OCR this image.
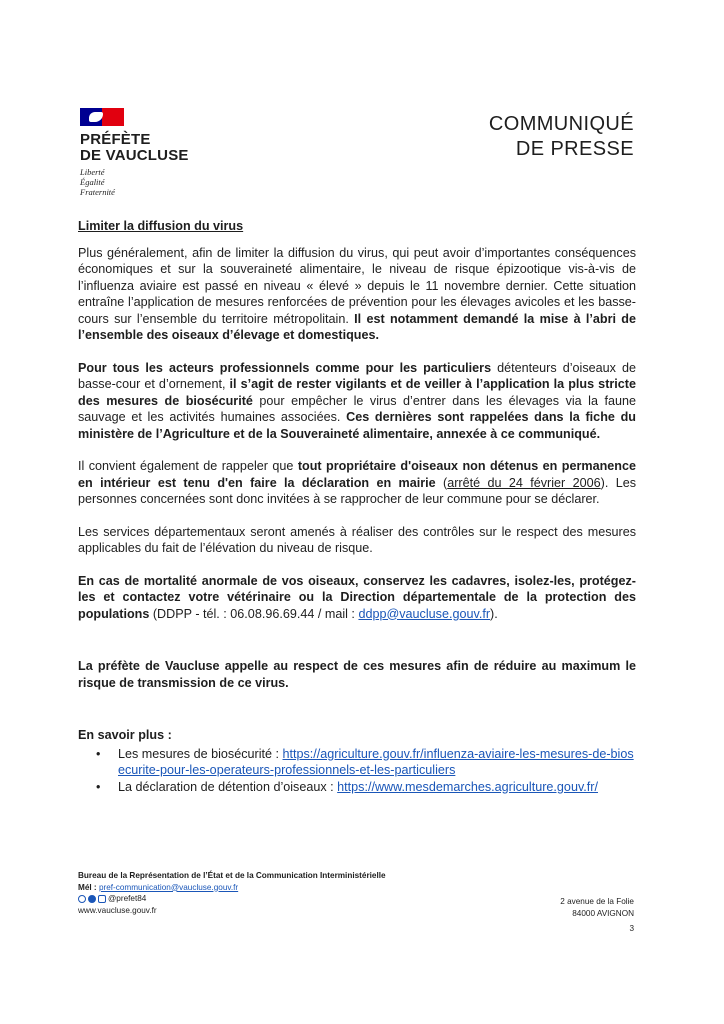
PRÉFÈTE
DE VAUCLUSE
Liberté
Égalité
Fraternité
COMMUNIQUÉ
DE PRESSE
Limiter la diffusion du virus

Plus généralement, afin de limiter la diffusion du virus, qui peut avoir d’importantes conséquences économiques et sur la souveraineté alimentaire, le niveau de risque épizootique vis-à-vis de l’influenza aviaire est passé en niveau « élevé » depuis le 11 novembre dernier. Cette situation entraîne l’application de mesures renforcées de prévention pour les élevages avicoles et les basse-cours sur l’ensemble du territoire métropolitain. Il est notamment demandé la mise à l’abri de l’ensemble des oiseaux d’élevage et domestiques.

Pour tous les acteurs professionnels comme pour les particuliers détenteurs d’oiseaux de basse-cour et d’ornement, il s’agit de rester vigilants et de veiller à l’application la plus stricte des mesures de biosécurité pour empêcher le virus d’entrer dans les élevages via la faune sauvage et les activités humaines associées. Ces dernières sont rappelées dans la fiche du ministère de l’Agriculture et de la Souveraineté alimentaire, annexée à ce communiqué.

Il convient également de rappeler que tout propriétaire d'oiseaux non détenus en permanence en intérieur est tenu d'en faire la déclaration en mairie (arrêté du 24 février 2006). Les personnes concernées sont donc invitées à se rapprocher de leur commune pour se déclarer.

Les services départementaux seront amenés à réaliser des contrôles sur le respect des mesures applicables du fait de l’élévation du niveau de risque.

En cas de mortalité anormale de vos oiseaux, conservez les cadavres, isolez-les, protégez-les et contactez votre vétérinaire ou la Direction départementale de la protection des populations (DDPP - tél. : 06.08.96.69.44 / mail : ddpp@vaucluse.gouv.fr).

La préfète de Vaucluse appelle au respect de ces mesures afin de réduire au maximum le risque de transmission de ce virus.

En savoir plus :
• Les mesures de biosécurité : https://agriculture.gouv.fr/influenza-aviaire-les-mesures-de-biosecurite-pour-les-operateurs-professionnels-et-les-particuliers
• La déclaration de détention d’oiseaux : https://www.mesdemarches.agriculture.gouv.fr/
Bureau de la Représentation de l’État et de la Communication Interministérielle
Mél : pref-communication@vaucluse.gouv.fr
@prefet84
www.vaucluse.gouv.fr
2 avenue de la Folie
84000 AVIGNON
3
